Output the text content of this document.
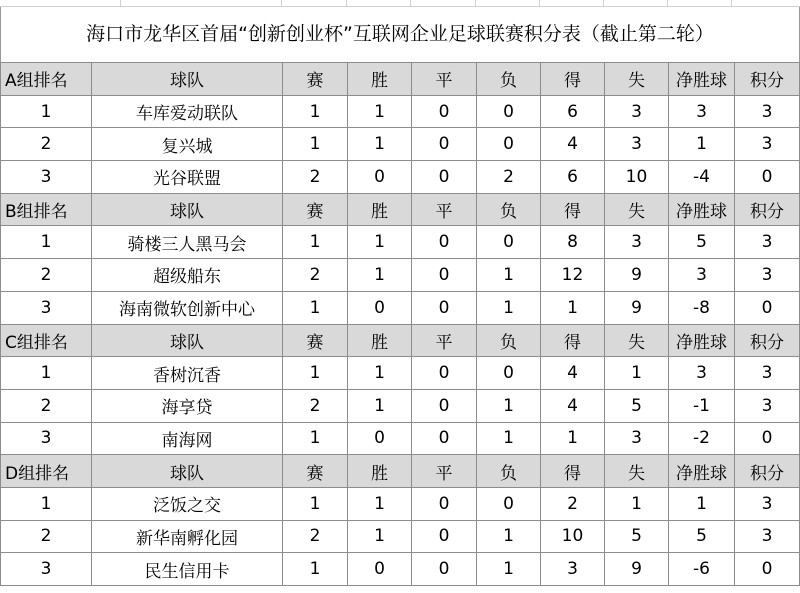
海口市龙华区首届“创新创业杯”互联网企业足球联赛积分表（截止第二轮）
A组排名	球队	赛	胜	平	负	得	失	净胜球	积分
1	车库爱动联队	1	1	0	0	6	3	3	3
2	复兴城	1	1	0	0	4	3	1	3
3	光谷联盟	2	0	0	2	6	10	-4	0
B组排名	球队	赛	胜	平	负	得	失	净胜球	积分
1	骑楼三人黑马会	1	1	0	0	8	3	5	3
2	超级船东	2	1	0	1	12	9	3	3
3	海南微软创新中心	1	0	0	1	1	9	-8	0
C组排名	球队	赛	胜	平	负	得	失	净胜球	积分
1	香树沉香	1	1	0	0	4	1	3	3
2	海享贷	2	1	0	1	4	5	-1	3
3	南海网	1	0	0	1	1	3	-2	0
D组排名	球队	赛	胜	平	负	得	失	净胜球	积分
1	泛饭之交	1	1	0	0	2	1	1	3
2	新华南孵化园	2	1	0	1	10	5	5	3
3	民生信用卡	1	0	0	1	3	9	-6	0
